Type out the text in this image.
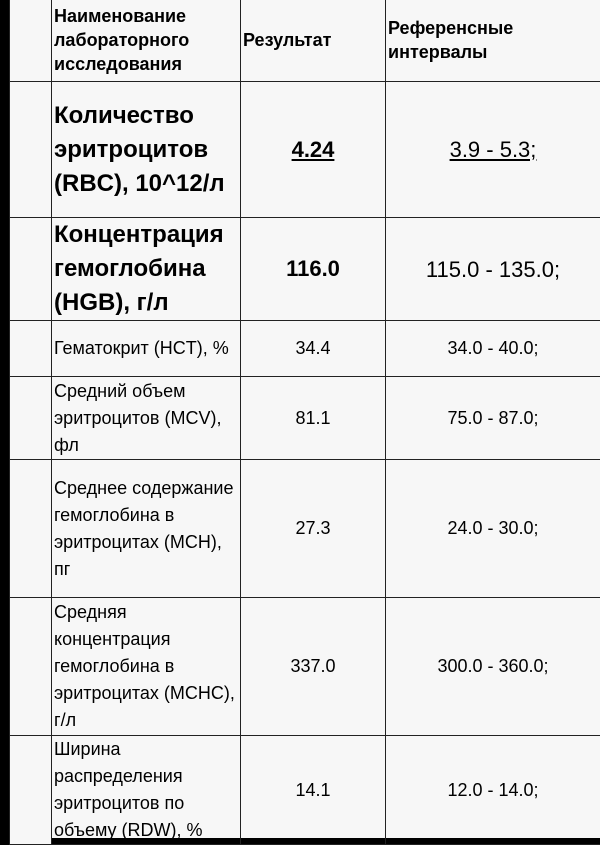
	Наименование лабораторного исследования	Результат	Референсные интервалы
	Количество эритроцитов (RBC), 10^12/л	4.24	3.9 - 5.3;
	Концентрация гемоглобина (HGB), г/л	116.0	115.0 - 135.0;
	Гематокрит (HCT), %	34.4	34.0 - 40.0;
	Средний объем эритроцитов (MCV), фл	81.1	75.0 - 87.0;
	Среднее содержание гемоглобина в эритроцитах (MCH), пг	27.3	24.0 - 30.0;
	Средняя концентрация гемоглобина в эритроцитах (MCHC), г/л	337.0	300.0 - 360.0;
	Ширина распределения эритроцитов по объему (RDW), %	14.1	12.0 - 14.0;
